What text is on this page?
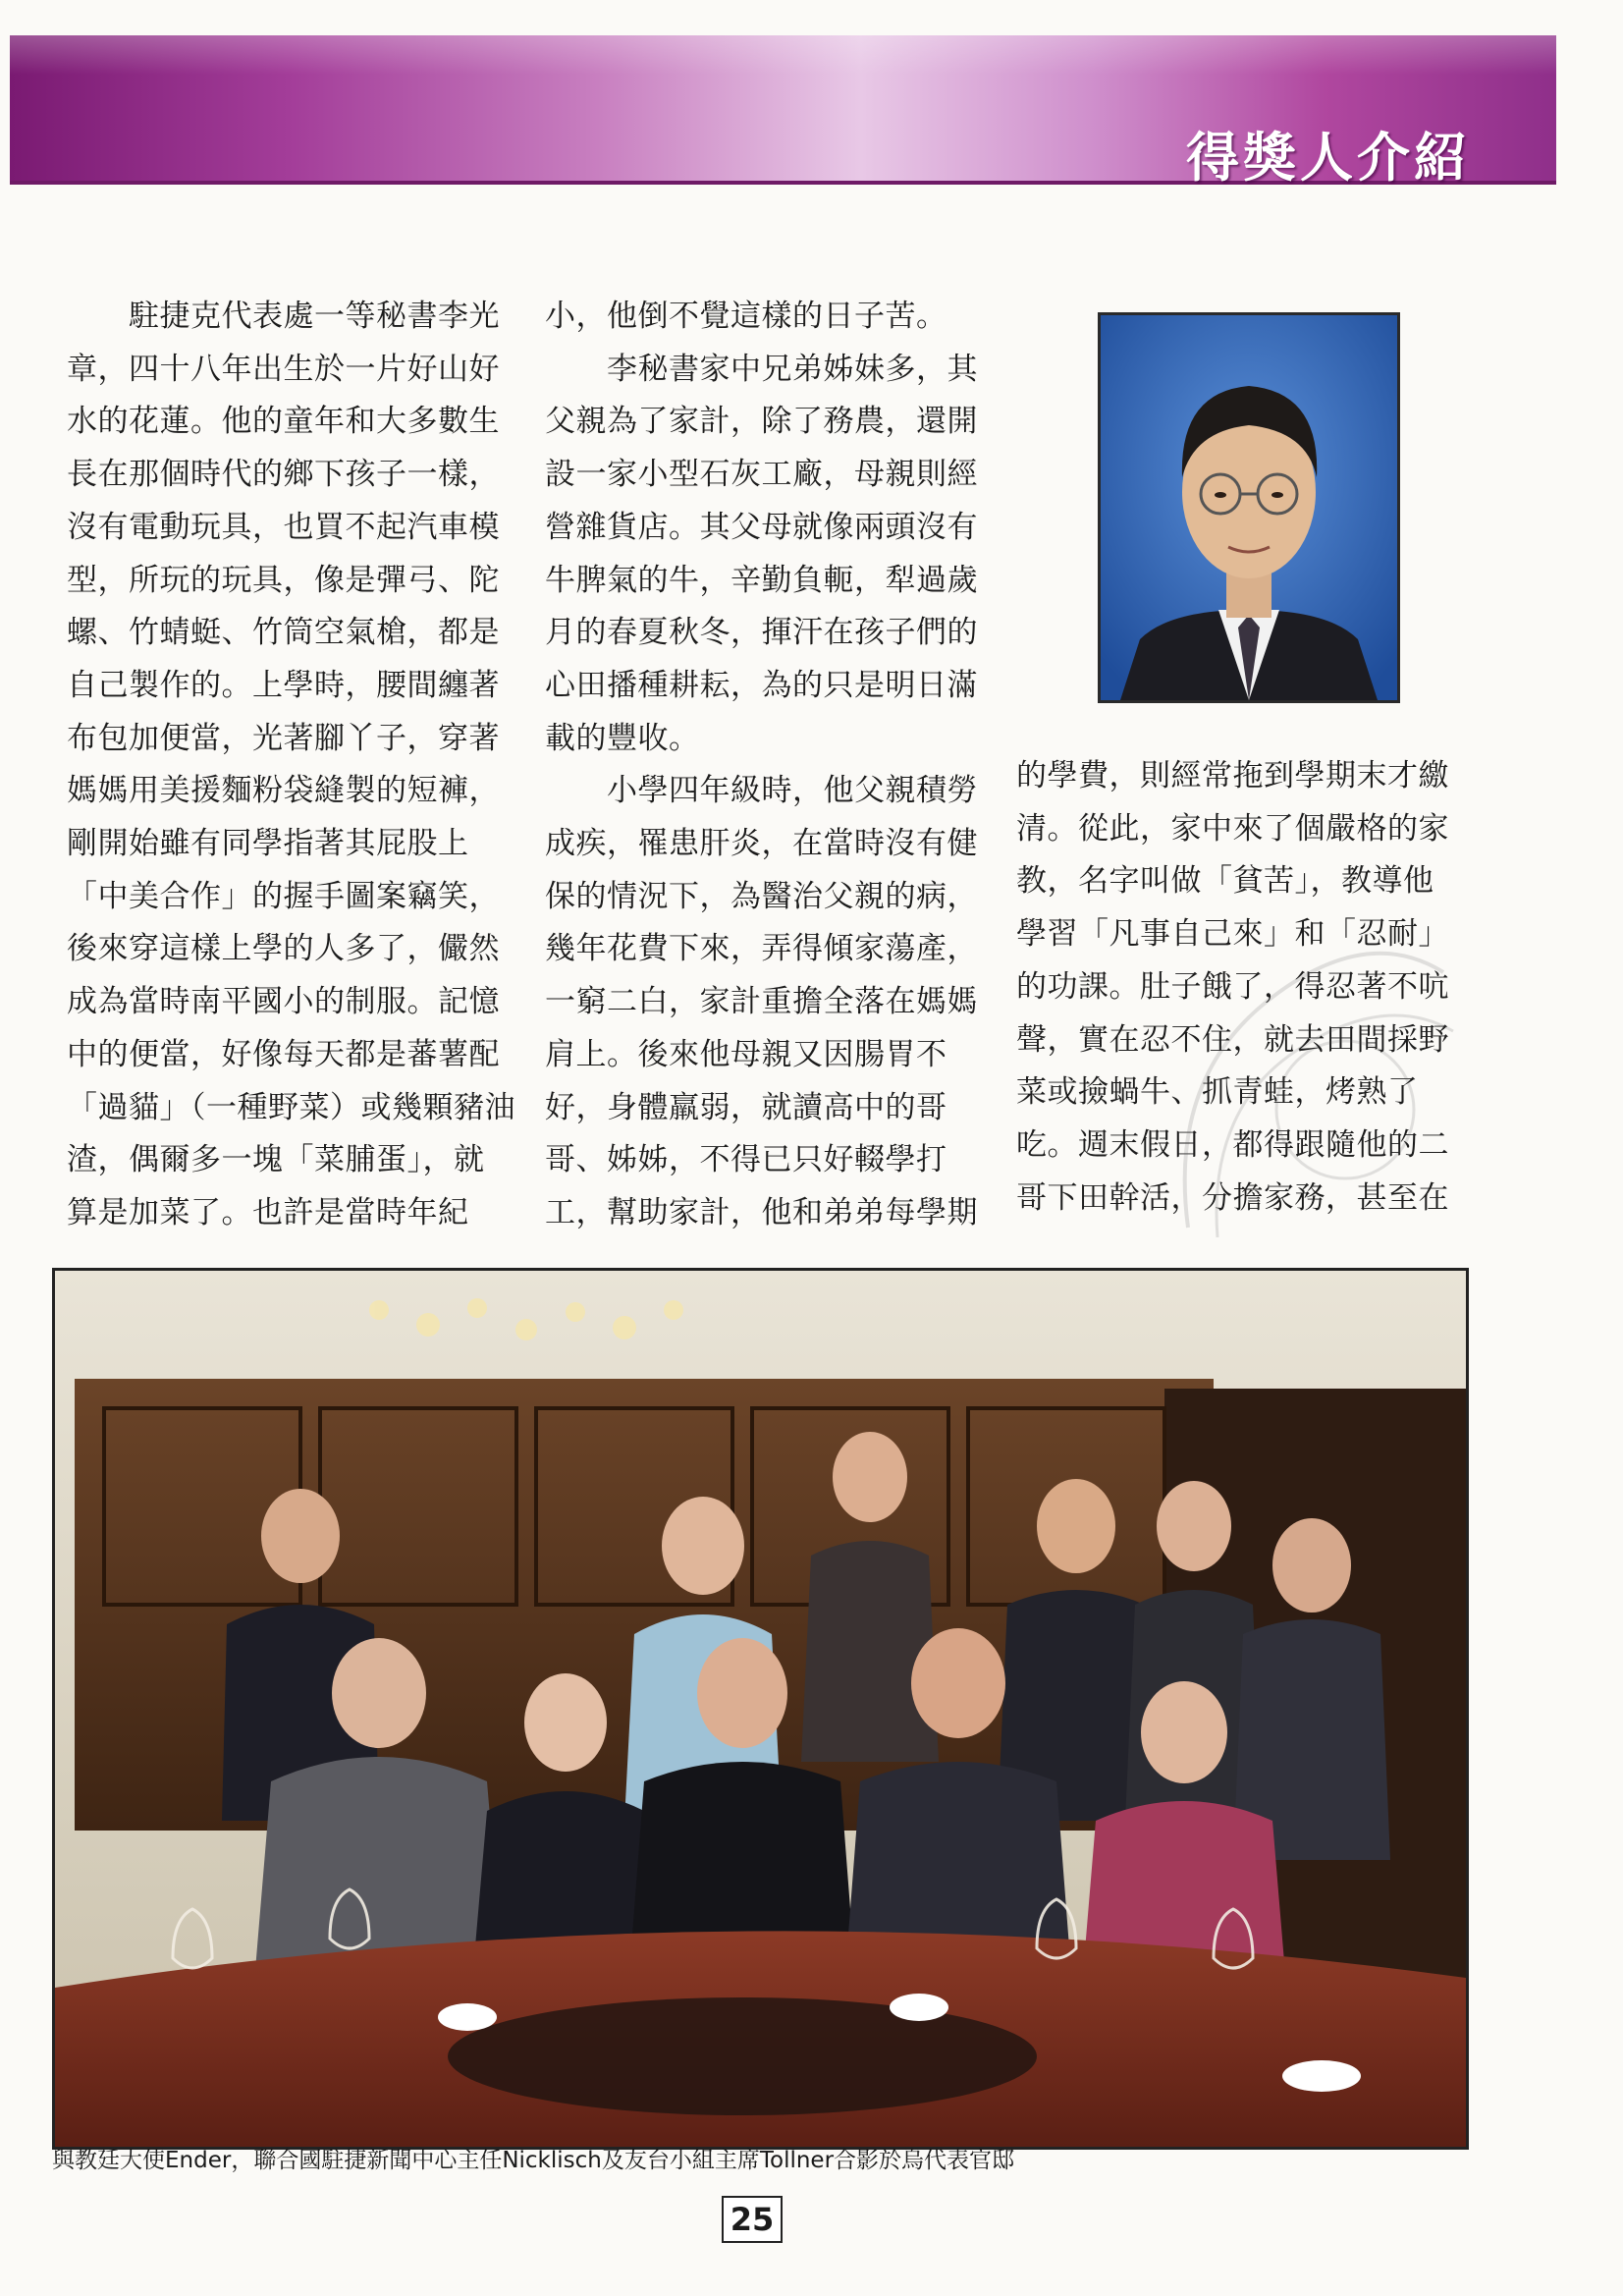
得獎人介紹
　　駐捷克代表處一等秘書李光
章，四十八年出生於一片好山好
水的花蓮。他的童年和大多數生
長在那個時代的鄉下孩子一樣，
沒有電動玩具，也買不起汽車模
型，所玩的玩具，像是彈弓、陀
螺、竹蜻蜓、竹筒空氣槍，都是
自己製作的。上學時，腰間纏著
布包加便當，光著腳丫子，穿著
媽媽用美援麵粉袋縫製的短褲，
剛開始雖有同學指著其屁股上
「中美合作」的握手圖案竊笑，
後來穿這樣上學的人多了，儼然
成為當時南平國小的制服。記憶
中的便當，好像每天都是蕃薯配
「過貓」（一種野菜）或幾顆豬油
渣，偶爾多一塊「菜脯蛋」，就
算是加菜了。也許是當時年紀
小，他倒不覺這樣的日子苦。
　　李秘書家中兄弟姊妹多，其
父親為了家計，除了務農，還開
設一家小型石灰工廠，母親則經
營雜貨店。其父母就像兩頭沒有
牛脾氣的牛，辛勤負軛，犁過歲
月的春夏秋冬，揮汗在孩子們的
心田播種耕耘，為的只是明日滿
載的豐收。
　　小學四年級時，他父親積勞
成疾，罹患肝炎，在當時沒有健
保的情況下，為醫治父親的病，
幾年花費下來，弄得傾家蕩產，
一窮二白，家計重擔全落在媽媽
肩上。後來他母親又因腸胃不
好，身體羸弱，就讀高中的哥
哥、姊姊，不得已只好輟學打
工，幫助家計，他和弟弟每學期
的學費，則經常拖到學期末才繳
清。從此，家中來了個嚴格的家
教，名字叫做「貧苦」，教導他
學習「凡事自己來」和「忍耐」
的功課。肚子餓了，得忍著不吭
聲，實在忍不住，就去田間採野
菜或撿蝸牛、抓青蛙，烤熟了
吃。週末假日，都得跟隨他的二
哥下田幹活，分擔家務，甚至在
與教廷大使Ender，聯合國駐捷新聞中心主任Nicklisch及友台小組主席Tollner合影於烏代表官邸
25
